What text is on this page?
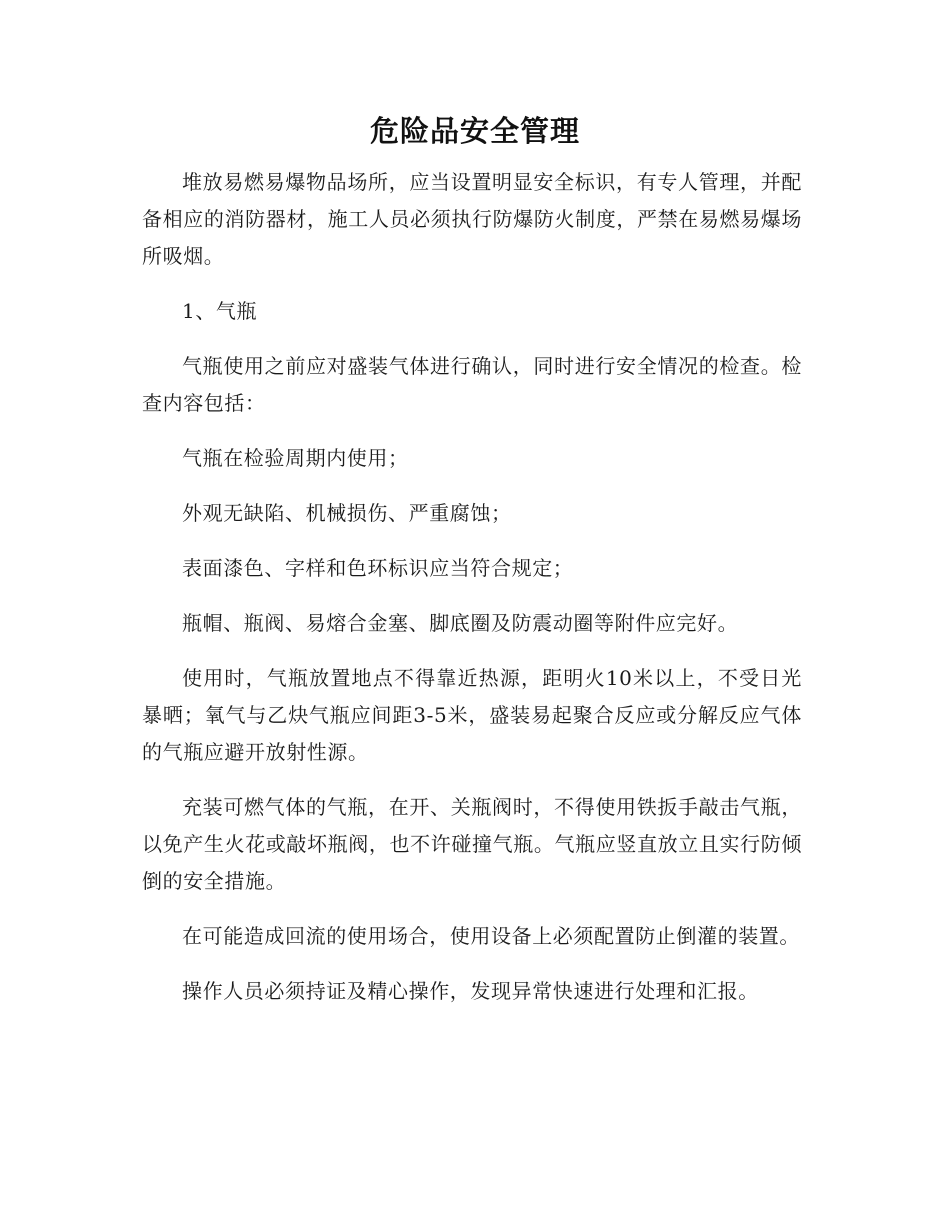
危险品安全管理

堆放易燃易爆物品场所，应当设置明显安全标识，有专人管理，并配备相应的消防器材，施工人员必须执行防爆防火制度，严禁在易燃易爆场所吸烟。

1、气瓶

气瓶使用之前应对盛装气体进行确认，同时进行安全情况的检查。检查内容包括：

气瓶在检验周期内使用；

外观无缺陷、机械损伤、严重腐蚀；

表面漆色、字样和色环标识应当符合规定；

瓶帽、瓶阀、易熔合金塞、脚底圈及防震动圈等附件应完好。

使用时，气瓶放置地点不得靠近热源，距明火10米以上，不受日光暴晒；氧气与乙炔气瓶应间距3-5米，盛装易起聚合反应或分解反应气体的气瓶应避开放射性源。

充装可燃气体的气瓶，在开、关瓶阀时，不得使用铁扳手敲击气瓶，以免产生火花或敲坏瓶阀，也不许碰撞气瓶。气瓶应竖直放立且实行防倾倒的安全措施。

在可能造成回流的使用场合，使用设备上必须配置防止倒灌的装置。

操作人员必须持证及精心操作，发现异常快速进行处理和汇报。
